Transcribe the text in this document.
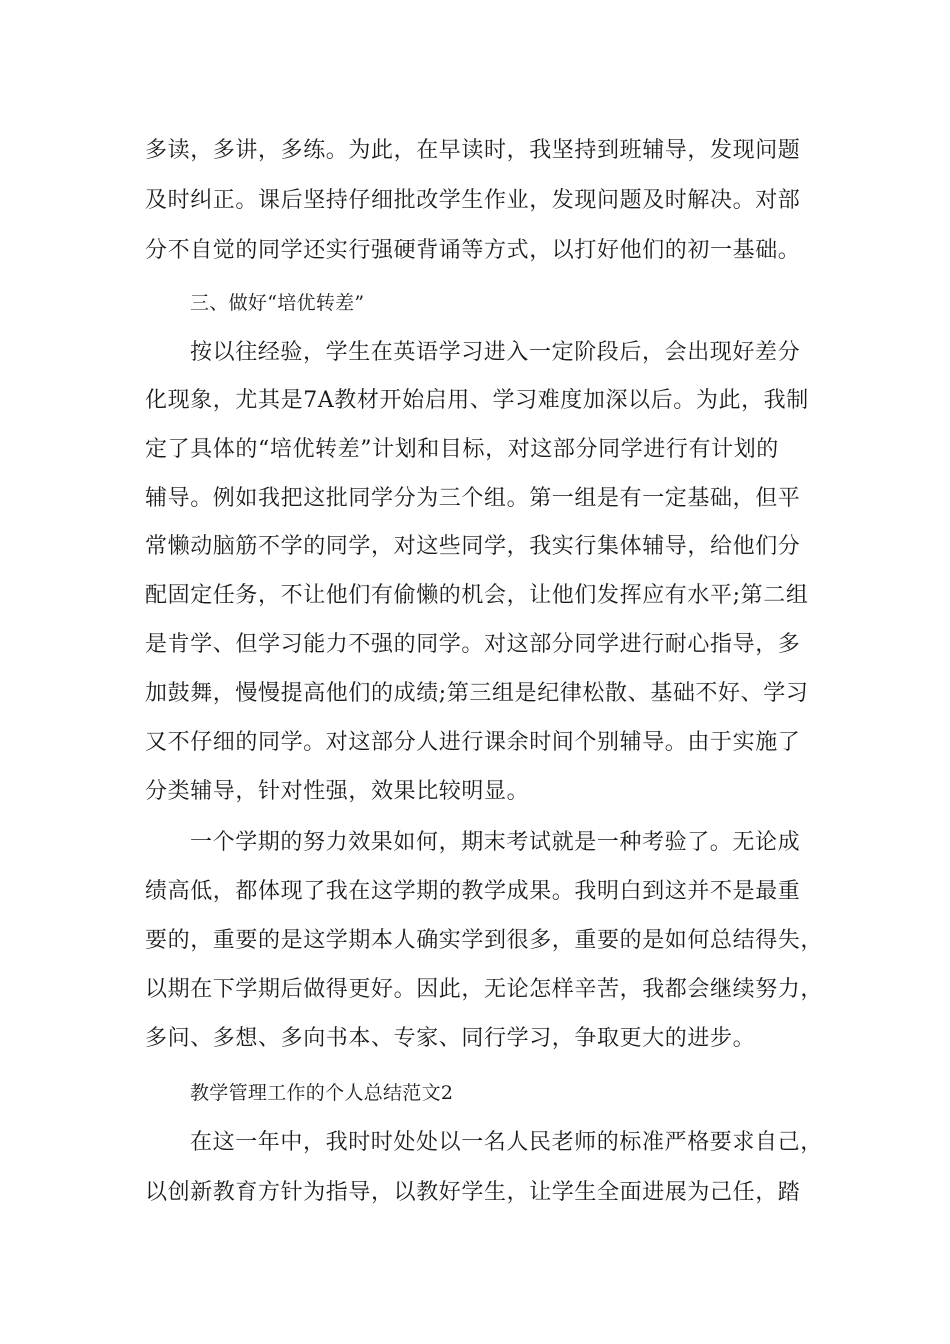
多读，多讲，多练。为此，在早读时，我坚持到班辅导，发现问题
及时纠正。课后坚持仔细批改学生作业，发现问题及时解决。对部
分不自觉的同学还实行强硬背诵等方式，以打好他们的初一基础。
三、做好“培优转差”
按以往经验，学生在英语学习进入一定阶段后，会出现好差分
化现象，尤其是7A教材开始启用、学习难度加深以后。为此，我制
定了具体的“培优转差”计划和目标，对这部分同学进行有计划的
辅导。例如我把这批同学分为三个组。第一组是有一定基础，但平
常懒动脑筋不学的同学，对这些同学，我实行集体辅导，给他们分
配固定任务，不让他们有偷懒的机会，让他们发挥应有水平;第二组
是肯学、但学习能力不强的同学。对这部分同学进行耐心指导，多
加鼓舞，慢慢提高他们的成绩;第三组是纪律松散、基础不好、学习
又不仔细的同学。对这部分人进行课余时间个别辅导。由于实施了
分类辅导，针对性强，效果比较明显。
一个学期的努力效果如何，期末考试就是一种考验了。无论成
绩高低，都体现了我在这学期的教学成果。我明白到这并不是最重
要的，重要的是这学期本人确实学到很多，重要的是如何总结得失，
以期在下学期后做得更好。因此，无论怎样辛苦，我都会继续努力，
多问、多想、多向书本、专家、同行学习，争取更大的进步。
教学管理工作的个人总结范文2
在这一年中，我时时处处以一名人民老师的标准严格要求自己，
以创新教育方针为指导，以教好学生，让学生全面进展为己任，踏
